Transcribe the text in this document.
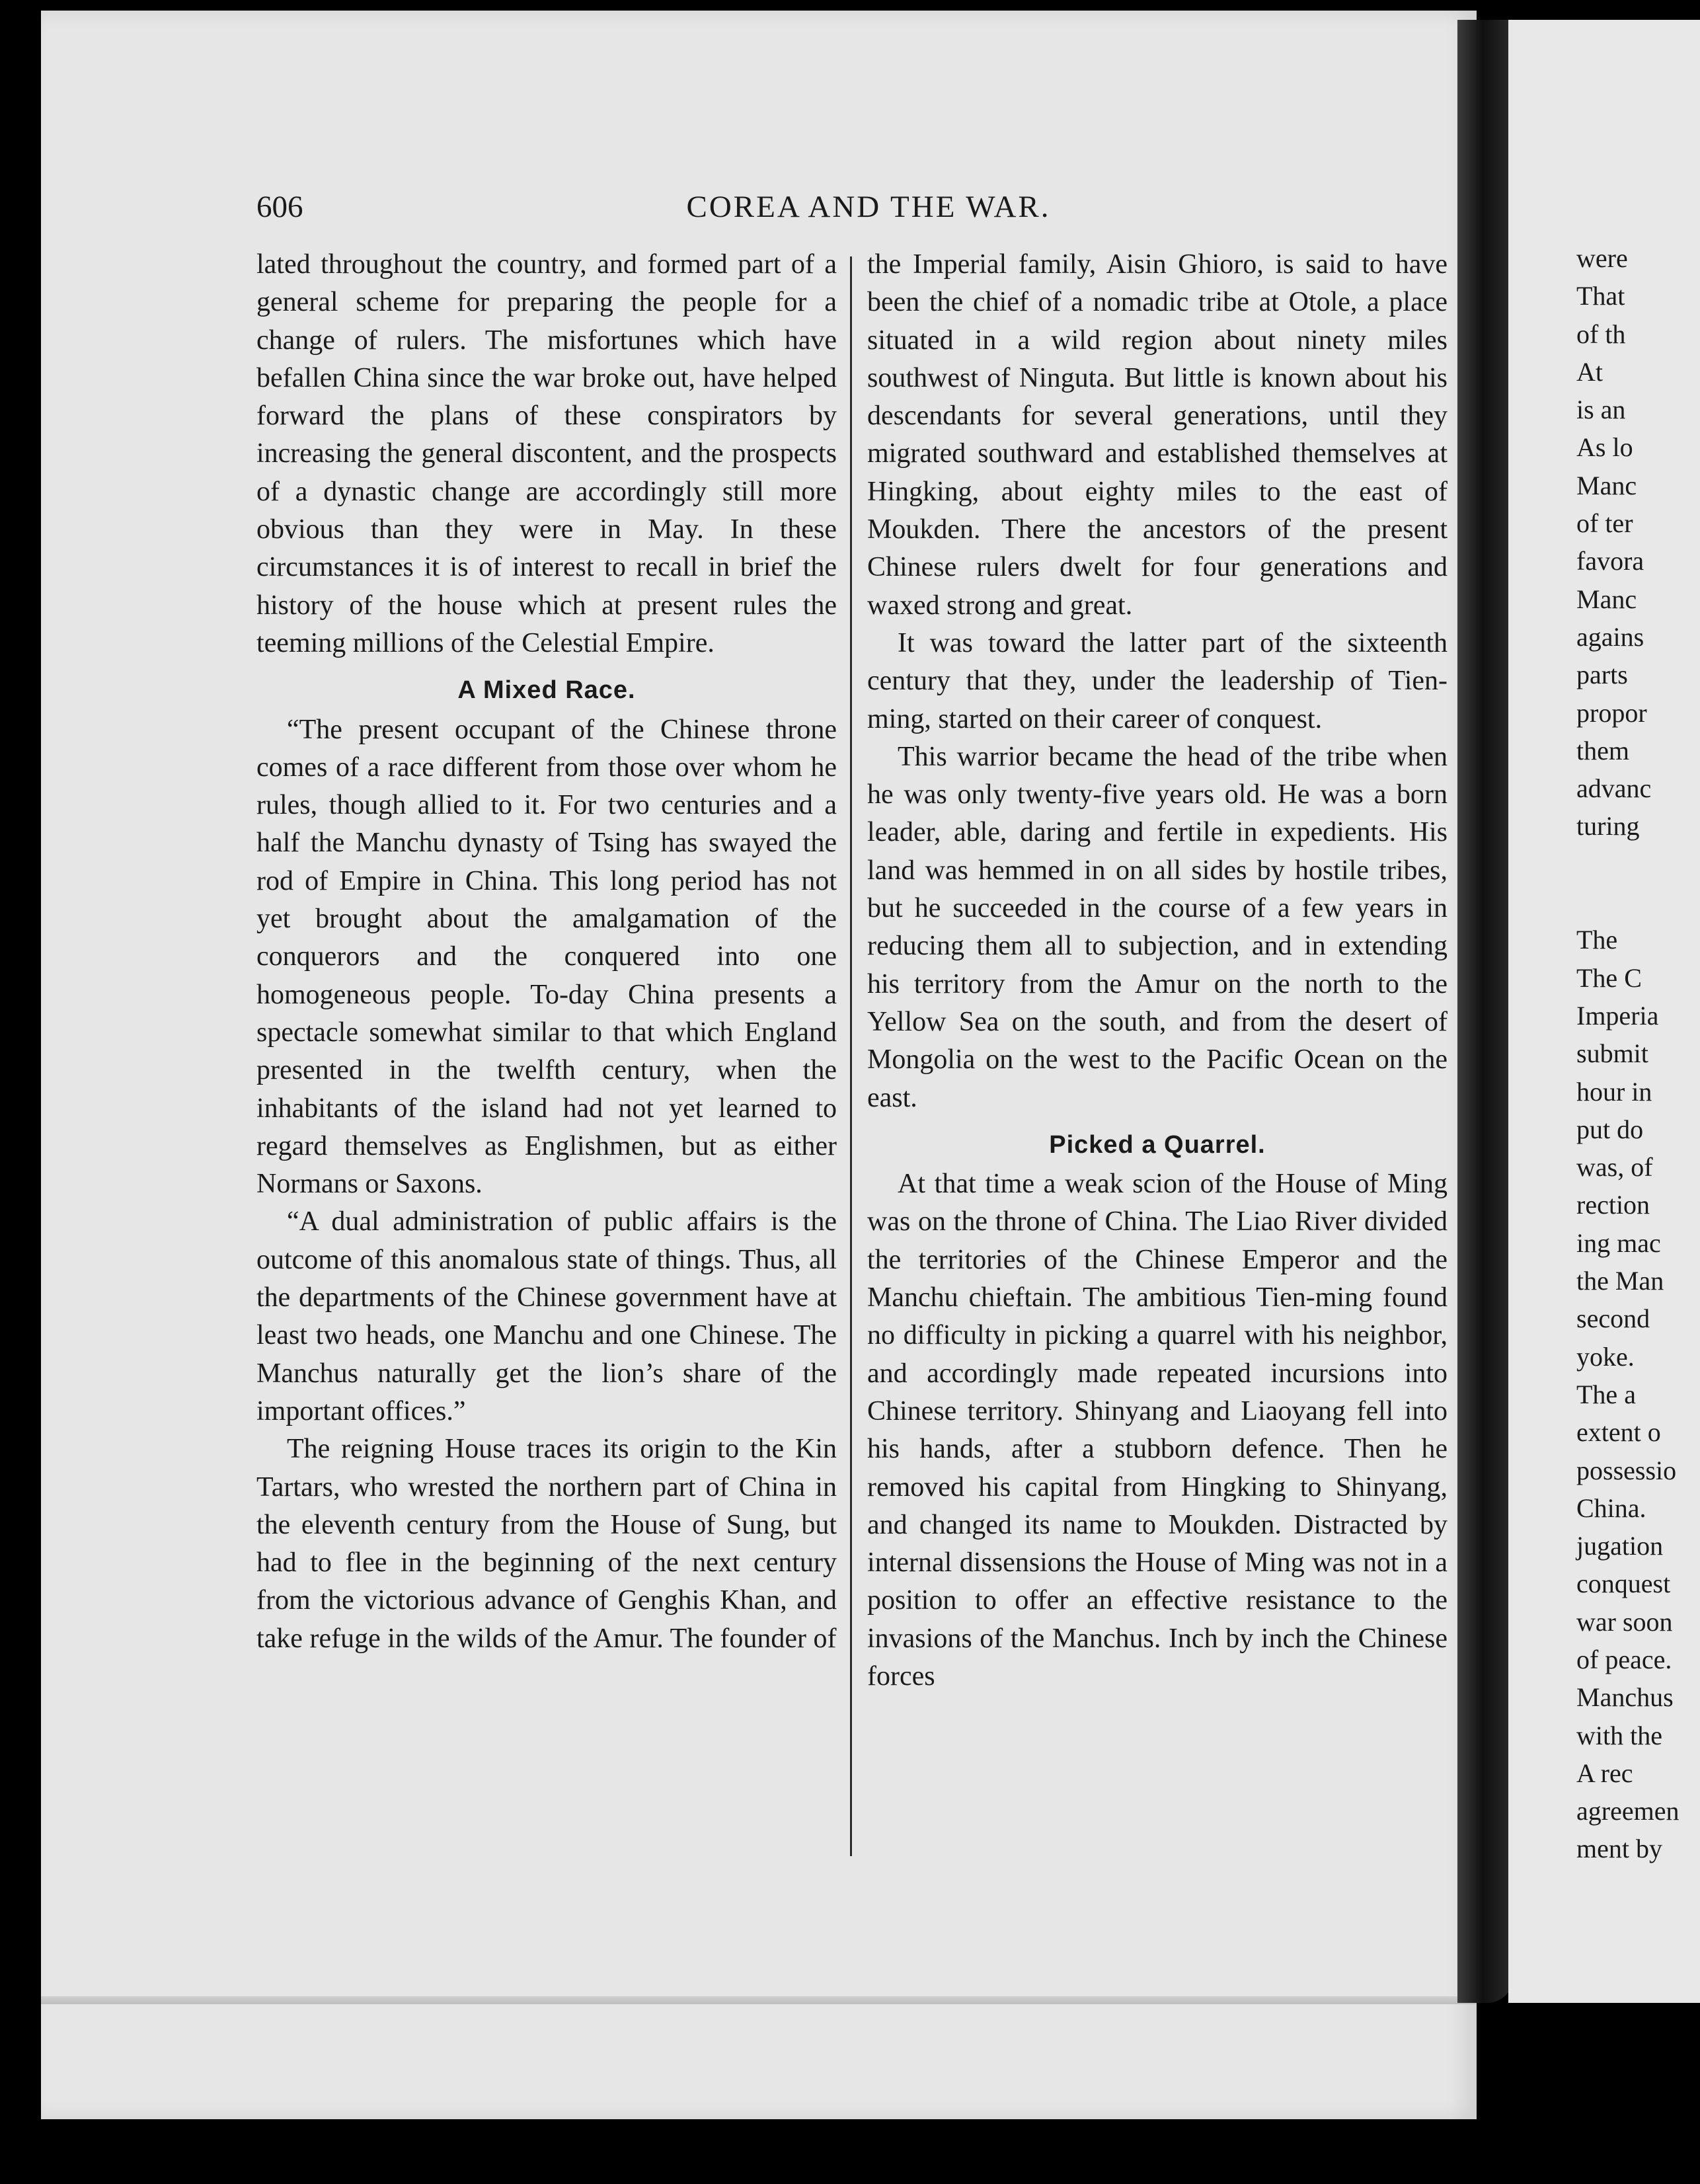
606	COREA AND THE WAR.

lated throughout the country, and formed part of a general scheme for preparing the people for a change of rulers. The misfortunes which have befallen China since the war broke out, have helped forward the plans of these conspirators by increasing the general discontent, and the prospects of a dynastic change are accordingly still more obvious than they were in May. In these circumstances it is of interest to recall in brief the history of the house which at present rules the teeming millions of the Celestial Empire.

A Mixed Race.

“The present occupant of the Chinese throne comes of a race different from those over whom he rules, though allied to it. For two centuries and a half the Manchu dynasty of Tsing has swayed the rod of Empire in China. This long period has not yet brought about the amalgamation of the conquerors and the conquered into one homogeneous people. To-day China presents a spectacle somewhat similar to that which England presented in the twelfth century, when the inhabitants of the island had not yet learned to regard themselves as Englishmen, but as either Normans or Saxons.

“A dual administration of public affairs is the outcome of this anomalous state of things. Thus, all the departments of the Chinese government have at least two heads, one Manchu and one Chinese. The Manchus naturally get the lion’s share of the important offices.”

The reigning House traces its origin to the Kin Tartars, who wrested the northern part of China in the eleventh century from the House of Sung, but had to flee in the beginning of the next century from the victorious advance of Genghis Khan, and take refuge in the wilds of the Amur. The founder of

the Imperial family, Aisin Ghioro, is said to have been the chief of a nomadic tribe at Otole, a place situated in a wild region about ninety miles southwest of Ninguta. But little is known about his descendants for several generations, until they migrated southward and established themselves at Hingking, about eighty miles to the east of Moukden. There the ancestors of the present Chinese rulers dwelt for four generations and waxed strong and great.

It was toward the latter part of the sixteenth century that they, under the leadership of Tien-ming, started on their career of conquest.

This warrior became the head of the tribe when he was only twenty-five years old. He was a born leader, able, daring and fertile in expedients. His land was hemmed in on all sides by hostile tribes, but he succeeded in the course of a few years in reducing them all to subjection, and in extending his territory from the Amur on the north to the Yellow Sea on the south, and from the desert of Mongolia on the west to the Pacific Ocean on the east.

Picked a Quarrel.

At that time a weak scion of the House of Ming was on the throne of China. The Liao River divided the territories of the Chinese Emperor and the Manchu chieftain. The ambitious Tien-ming found no difficulty in picking a quarrel with his neighbor, and accordingly made repeated incursions into Chinese territory. Shinyang and Liaoyang fell into his hands, after a stubborn defence. Then he removed his capital from Hingking to Shinyang, and changed its name to Moukden. Distracted by internal dissensions the House of Ming was not in a position to offer an effective resistance to the invasions of the Manchus. Inch by inch the Chinese forces

were
That
of th
At
is an
As lo
Manc
of ter
favora
Manc
agains
parts
propor
them
advanc
turing
The
The C
Imperia
submit
hour in
put do
was, of
rection
ing mac
the Man
second
yoke.
The a
extent o
possessio
China.
jugation
conquest
war soon
of peace.
Manchus
with the
A rec
agreemen
ment by
